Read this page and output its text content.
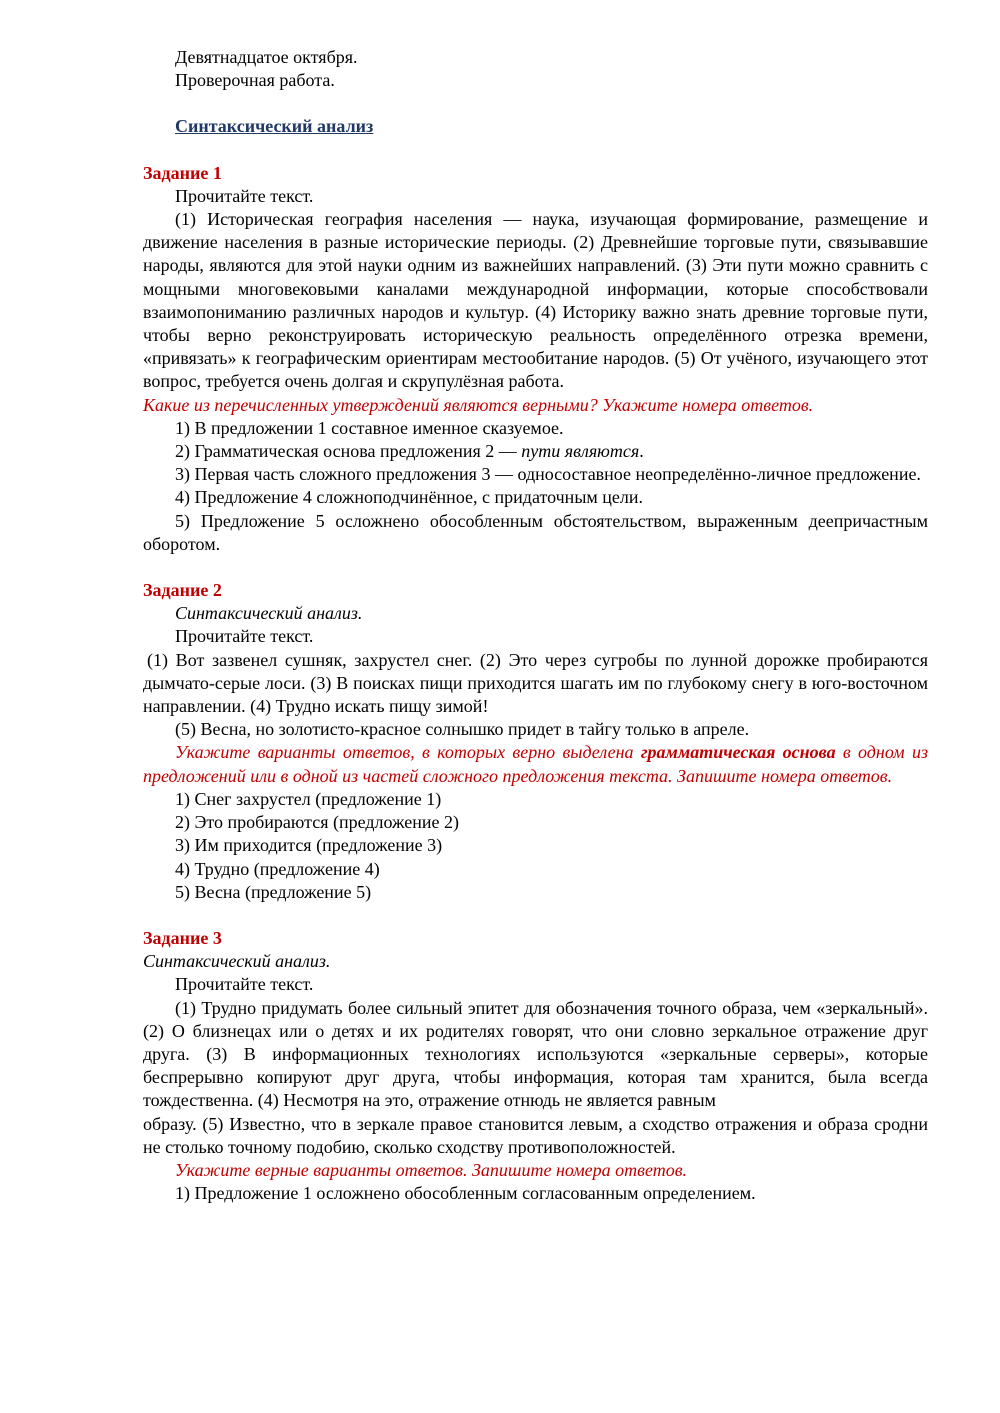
Девятнадцатое октября.

Проверочная работа.

Синтаксический анализ

Задание 1

Прочитайте текст.

(1) Историческая география населения — наука, изучающая формирование, размещение и движение населения в разные исторические периоды. (2) Древнейшие торговые пути, связывавшие народы, являются для этой науки одним из важнейших направлений. (3) Эти пути можно сравнить с мощными многовековыми каналами международной информации, которые способствовали взаимопониманию различных народов и культур. (4) Историку важно знать древние торговые пути, чтобы верно реконструировать историческую реальность определённого отрезка времени, «привязать» к географическим ориентирам местообитание народов. (5) От учёного, изучающего этот вопрос, требуется очень долгая и скрупулёзная работа.

Какие из перечисленных утверждений являются верными? Укажите номера ответов.

1) В предложении 1 составное именное сказуемое.

2) Грамматическая основа предложения 2 — пути являются.

3) Первая часть сложного предложения 3 — односоставное неопределённо-личное предложение.

4) Предложение 4 сложноподчинённое, с придаточным цели.

5) Предложение 5 осложнено обособленным обстоятельством, выраженным деепричастным оборотом.

Задание 2

Синтаксический анализ.

Прочитайте текст.

(1) Вот зазвенел сушняк, захрустел снег. (2) Это через сугробы по лунной дорожке пробираются дымчато-серые лоси. (3) В поисках пищи приходится шагать им по глубокому снегу в юго-восточном направлении. (4) Трудно искать пищу зимой!

(5) Весна, но золотисто-красное солнышко придет в тайгу только в апреле.

Укажите варианты ответов, в которых верно выделена грамматическая основа в одном из предложений или в одной из частей сложного предложения текста. Запишите номера ответов.

1) Снег захрустел (предложение 1)

2) Это пробираются (предложение 2)

3) Им приходится (предложение 3)

4) Трудно (предложение 4)

5) Весна (предложение 5)

Задание 3

Синтаксический анализ.

Прочитайте текст.

(1) Трудно придумать более сильный эпитет для обозначения точного образа, чем «зеркальный». (2) О близнецах или о детях и их родителях говорят, что они словно зеркальное отражение друг друга. (3) В информационных технологиях используются «зеркальные серверы», которые беспрерывно копируют друг друга, чтобы информация, которая там хранится, была всегда тождественна. (4) Несмотря на это, отражение отнюдь не является равным

образу. (5) Известно, что в зеркале правое становится левым, а сходство отражения и образа сродни не столько точному подобию, сколько сходству противоположностей.

Укажите верные варианты ответов. Запишите номера ответов.

1) Предложение 1 осложнено обособленным согласованным определением.
